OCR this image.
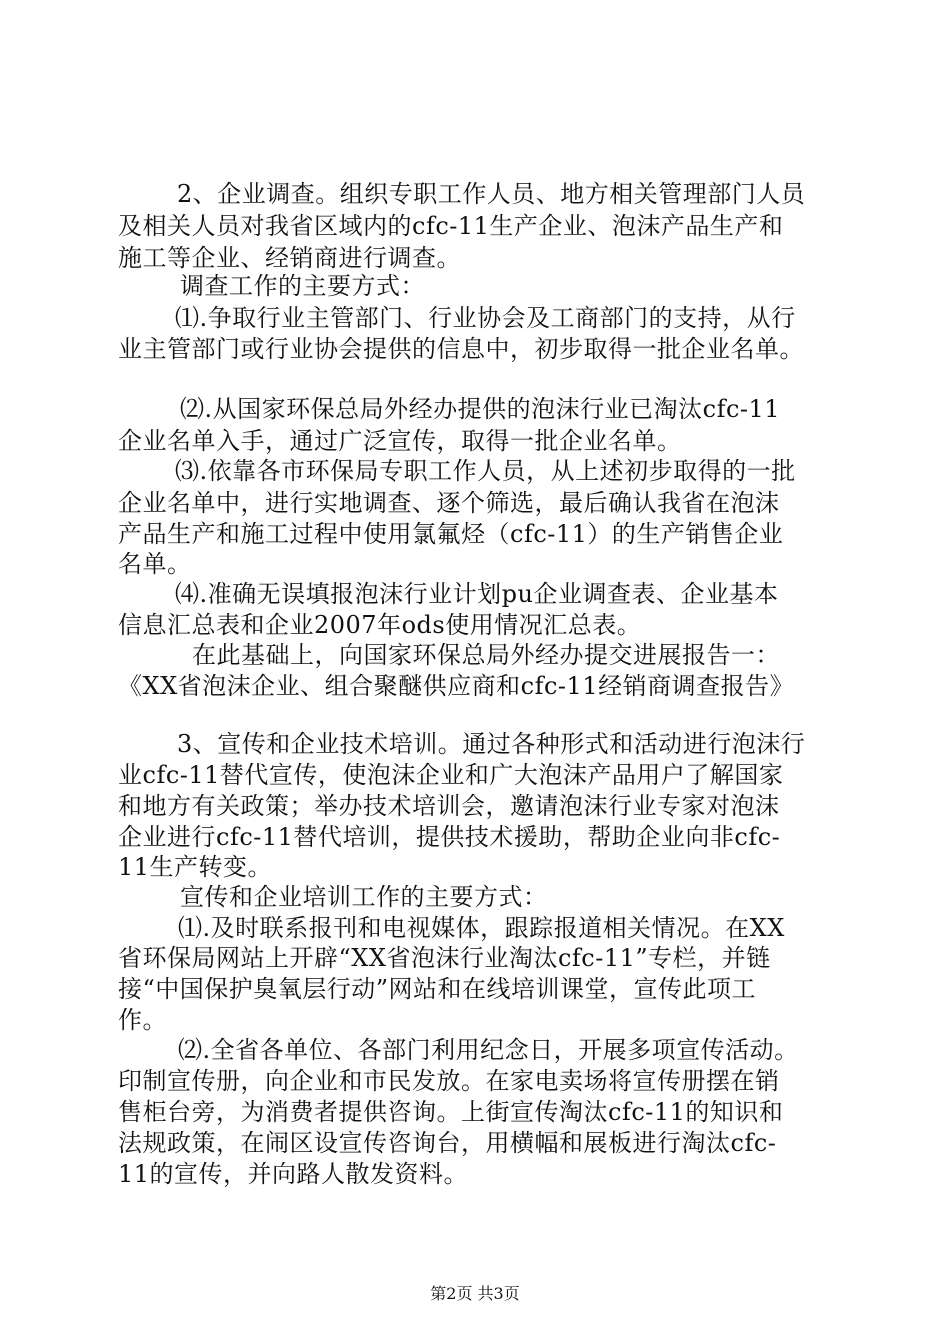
2、企业调查。组织专职工作人员、地方相关管理部门人员
及相关人员对我省区域内的cfc-11生产企业、泡沫产品生产和
施工等企业、经销商进行调查。
调查工作的主要方式：
⑴.争取行业主管部门、行业协会及工商部门的支持，从行
业主管部门或行业协会提供的信息中，初步取得一批企业名单。
⑵.从国家环保总局外经办提供的泡沫行业已淘汰cfc-11
企业名单入手，通过广泛宣传，取得一批企业名单。
⑶.依靠各市环保局专职工作人员，从上述初步取得的一批
企业名单中，进行实地调查、逐个筛选，最后确认我省在泡沫
产品生产和施工过程中使用氯氟烃（cfc-11）的生产销售企业
名单。
⑷.准确无误填报泡沫行业计划pu企业调查表、企业基本
信息汇总表和企业2007年ods使用情况汇总表。
在此基础上，向国家环保总局外经办提交进展报告一：
《XX省泡沫企业、组合聚醚供应商和cfc-11经销商调查报告》
3、宣传和企业技术培训。通过各种形式和活动进行泡沫行
业cfc-11替代宣传，使泡沫企业和广大泡沫产品用户了解国家
和地方有关政策；举办技术培训会，邀请泡沫行业专家对泡沫
企业进行cfc-11替代培训，提供技术援助，帮助企业向非cfc-
11生产转变。
宣传和企业培训工作的主要方式：
⑴.及时联系报刊和电视媒体，跟踪报道相关情况。在XX
省环保局网站上开辟“XX省泡沫行业淘汰cfc-11”专栏，并链
接“中国保护臭氧层行动”网站和在线培训课堂，宣传此项工
作。
⑵.全省各单位、各部门利用纪念日，开展多项宣传活动。
印制宣传册，向企业和市民发放。在家电卖场将宣传册摆在销
售柜台旁，为消费者提供咨询。上街宣传淘汰cfc-11的知识和
法规政策，在闹区设宣传咨询台，用横幅和展板进行淘汰cfc-
11的宣传，并向路人散发资料。
第2页 共3页
